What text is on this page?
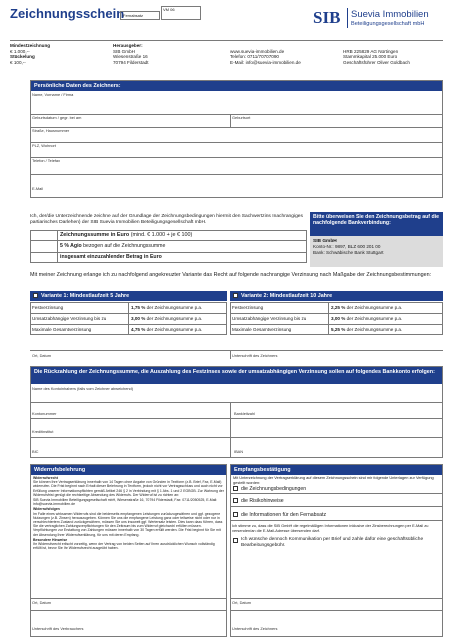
Zeichnungsschein
Fernabsatz
VM 06	SIB Suevia Immobilien
Beteiligungsgesellschaft mbH
Mindestzeichnung
€ 1.000,--
Stückelung
€ 100,--
Herausgeber:
SIB GmbH
Wiesenstraße 16
70794 Filderstadt
www.suevia-immobilien.de
Telefon: 0711/70707090
E-Mail: info@suevia-immobilien.de
HRB 225829 AG Nürtingen
Stammkapital 25.000 Euro
Geschäftsführer Oliver Goldbach
Persönliche Daten des Zeichners:
Name, Vorname / Firma
Geburtsdatum / gegr. bei am	Geburtsort
Straße, Hausnummer
PLZ, Wohnort
Telefon / Telefax
E-Mail
Ich, der/die Unterzeichnende zeichne auf der Grundlage der Zeichnungsbedingungen hiermit den Sachwertzins Inachrangiges partiarisches Darlehen) der SIB Suevia Immobilien Beteiligungsgesellschaft mbH.
Zeichnungssumme in Euro (mind. € 1.000 + je € 100)
5 % Agio bezogen auf die Zeichnungssumme
insgesamt einzuzahlender Betrag in Euro
Bitte überweisen Sie den Zeichnungsbetrag auf die nachfolgende Bankverbindung:
SIB GmbH
Konto-Nr.: 9897, BLZ 600 201 00
Bank: Schwäbische Bank Stuttgart
Mit meiner Zeichnung erlange ich zu nachfolgend angekreuzter Variante das Recht auf folgende nachrangige Verzinsung nach Maßgabe der Zeichnungsbestimmungen:
Variante 1: Mindestlaufzeit 5 Jahre	Variante 2: Mindestlaufzeit 10 Jahre
Festverzinsung	1,75 % der Zeichnungssumme p.a.
Umsatzabhängige Verzinsung bis zu	3,00 % der Zeichnungssumme p.a.
Maximale Gesamtverzinsung	4,75 % der Zeichnungssumme p.a.
Festverzinsung	2,25 % der Zeichnungssumme p.a.
Umsatzabhängige Verzinsung bis zu	3,00 % der Zeichnungssumme p.a.
Maximale Gesamtverzinsung	5,25 % der Zeichnungssumme p.a.
Ort, Datum	Unterschrift des Zeichners
Die Rückzahlung der Zeichnungssumme, die Auszahlung des Festzinses sowie der umsatzabhängigen Verzinsung sollen auf folgendes Bankkonto erfolgen:
Name des Kontoinhabers (falls vom Zeichner abweichend)
Kontonummer	Bankleitzahl
Kreditinstitut
BIC	IBAN
Widerrufsbelehrung
Widerrufsrecht
Sie können Ihre Vertragserklärung innerhalb von 14 Tagen ohne Angabe von Gründen in Textform (z.B. Brief, Fax, E-Mail) widerrufen. Die Frist beginnt nach Erhalt dieser Belehrung in Textform, jedoch nicht vor Vertragsschluss und auch nicht vor Erfüllung unserer Informationspflichten gemäß Artikel 246 § 2 in Verbindung mit § 1 Abs. 1 und 2 EGBGB. Zur Wahrung der Widerrufsfrist genügt die rechtzeitige Absendung des Widerrufs. Der Widerruf ist zu richten an:
SIB Suevia Immobilien Beteiligungsgesellschaft mbH, Wiesenstraße 16, 70794 Filderstadt, Fax: 0711/2050525, E-Mail: info@suevia-immobilien.de
Widerrufsfolgen
Im Falle eines wirksamen Widerrufs sind die beiderseits empfangenen Leistungen zurückzugewähren und ggf. gezogene Nutzungen (z.B. Zinsen) herauszugeben. Können Sie uns die empfangene Leistung ganz oder teilweise nicht oder nur in verschlechtertem Zustand zurückgewähren, müssen Sie uns insoweit ggf. Wertersatz leisten. Dies kann dazu führen, dass Sie die vertraglichen Zahlungsverpflichtungen für den Zeitraum bis zum Widerruf gleichwohl erfüllen müssen. Verpflichtungen zur Erstattung von Zahlungen müssen innerhalb von 30 Tagen erfüllt werden. Die Frist beginnt für Sie mit der Absendung Ihrer Widerrufserklärung, für uns mit deren Empfang.
Besondere Hinweise
Ihr Widerrufsrecht erlischt vorzeitig, wenn der Vertrag von beiden Seiten auf Ihren ausdrücklichen Wunsch vollständig erfüllt ist, bevor Sie Ihr Widerrufsrecht ausgeübt haben.
Ort, Datum
Unterschrift des Verbrauchers
Empfangsbestätigung
Mit Unterzeichnung der Vertragserklärung auf diesem Zeichnungsschein sind mir folgende Unterlagen zur Verfügung gestellt worden:
die Zeichnungsbedingungen
die Risikohinweise
die Informationen für den Fernabsatz
Ich stimme zu, dass die SIB GmbH die regelmäßigen Informationen inklusive der Zinsberechnungen per E-Mail zu versenden/an die E-Mail-Adresse übersenden darf.
Ich wünsche dennoch Kommunikation per Brief und zahle dafür eine geschäftsübliche Bearbeitungsgebühr.
Ort, Datum
Unterschrift des Zeichners
